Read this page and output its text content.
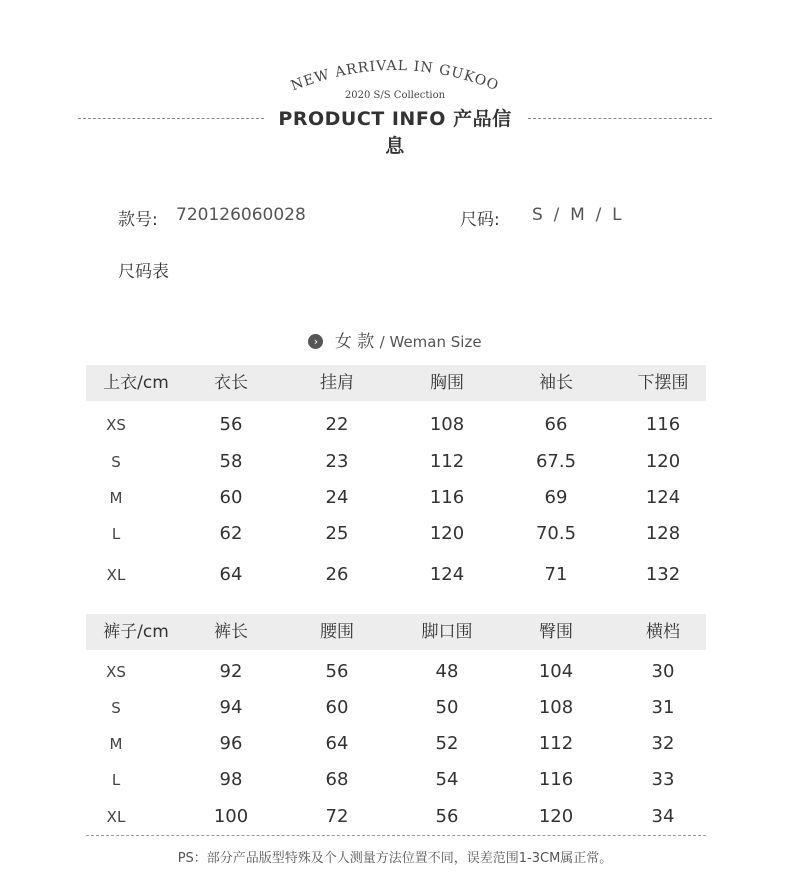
NEW ARRIVAL IN GUKOO
2020 S/S Collection
PRODUCT INFO 产品信息
款号: 720126060028	尺码: S  /  M  /  L
尺码表
› 女 款 / Weman Size
上衣/cm	衣长	挂肩	胸围	袖长	下摆围
XS	56	22	108	66	116
S	58	23	112	67.5	120
M	60	24	116	69	124
L	62	25	120	70.5	128
XL	64	26	124	71	132
裤子/cm	裤长	腰围	脚口围	臀围	横档
XS	92	56	48	104	30
S	94	60	50	108	31
M	96	64	52	112	32
L	98	68	54	116	33
XL	100	72	56	120	34
PS：部分产品版型特殊及个人测量方法位置不同，误差范围1-3CM属正常。
